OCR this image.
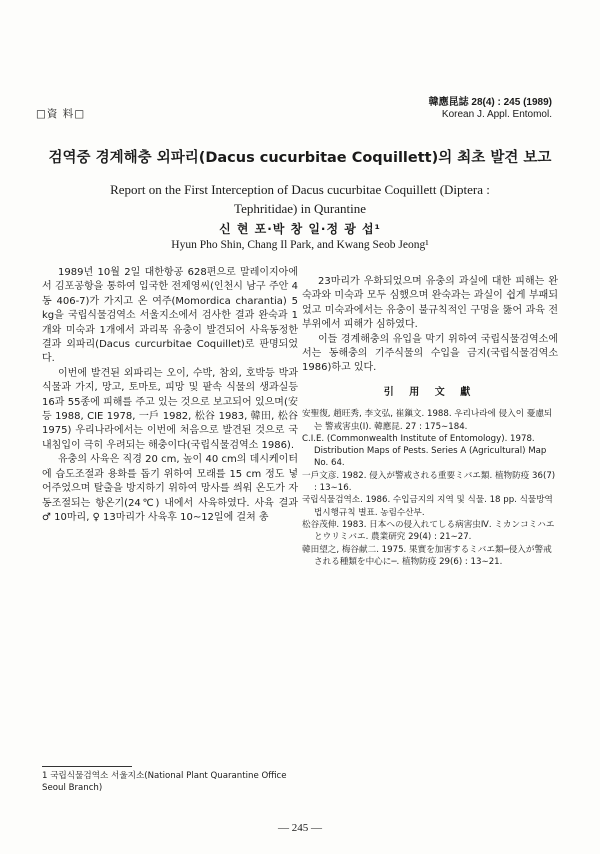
□資 料□
韓應昆誌 28(4) : 245 (1989)
Korean J. Appl. Entomol.
검역중 경계해충 외파리(Dacus cucurbitae Coquillett)의 최초 발견 보고
Report on the First Interception of Dacus cucurbitae Coquillett (Diptera : Tephritidae) in Qurantine
신 현 포·박 창 일·정 광 섭¹
Hyun Pho Shin, Chang Il Park, and Kwang Seob Jeong¹

1989년 10월 2일 대한항공 628편으로 말레이지아에서 김포공항을 통하여 입국한 전제영씨(인천시 남구 주안 4동 406-7)가 가지고 온 여주(Momordica charantia) 5 kg을 국립식물검역소 서울지소에서 검사한 결과 완숙과 1개와 미숙과 1개에서 과리목 유충이 발견되어 사육동정한 결과 외파리(Dacus curcurbitae Coquillet)로 판명되었다.

이번에 발견된 외파리는 오이, 수박, 참외, 호박등 박과식물과 가지, 망고, 토마토, 피망 및 팥속 식물의 생과실등 16과 55종에 피해를 주고 있는 것으로 보고되어 있으며(安 등 1988, CIE 1978, 一戶 1982, 松谷 1983, 韓田, 松谷 1975) 우리나라에서는 이번에 처음으로 발견된 것으로 국내침입이 극히 우려되는 해충이다(국립식물검역소 1986).

유충의 사육은 직경 20 cm, 높이 40 cm의 데시케이터에 습도조절과 용화를 돕기 위하여 모래를 15 cm 정도 넣어주었으며 탈출을 방지하기 위하여 망사를 씌워 온도가 자동조절되는 항온기(24℃) 내에서 사육하였다. 사육 결과 ♂ 10마리, ♀ 13마리가 사육후 10∼12일에 걸쳐 총

23마리가 우화되었으며 유충의 과실에 대한 피해는 완숙과와 미숙과 모두 심했으며 완숙과는 과실이 쉽게 부패되었고 미숙과에서는 유충이 불규칙적인 구멍을 뚫어 과육 전부위에서 피해가 심하였다.

이들 경계해충의 유입을 막기 위하여 국립식물검역소에서는 동해충의 기주식물의 수입을 금지(국립식물검역소 1986)하고 있다.

引 用 文 獻
安聖復, 趙旺秀, 李文弘, 崔鎭文. 1988. 우리나라에 侵入이 憂慮되는 警戒害虫(Ⅰ). 韓應昆. 27 : 175∼184.
C.I.E. (Commonwealth Institute of Entomology). 1978. Distribution Maps of Pests. Series A (Agricultural) Map No. 64.
一戶文彦. 1982. 侵入が警戒される重要ミバエ類. 植物防疫 36(7) : 13∼16.
국립식물검역소. 1986. 수입금지의 지역 및 식물. 18 pp. 식물방역법시행규칙 별표. 농림수산부.
松谷茂伸. 1983. 日本への侵入れてしる病害虫Ⅳ. ミカンコミハエとウリミバエ. 農業研究 29(4) : 21∼27.
韓田望之, 梅谷献二. 1975. 果實を加害するミバエ類─侵入が警戒される種類を中心に─. 植物防疫 29(6) : 13∼21.
1 국립식물검역소 서울지소(National Plant Quarantine Office Seoul Branch)
— 245 —
